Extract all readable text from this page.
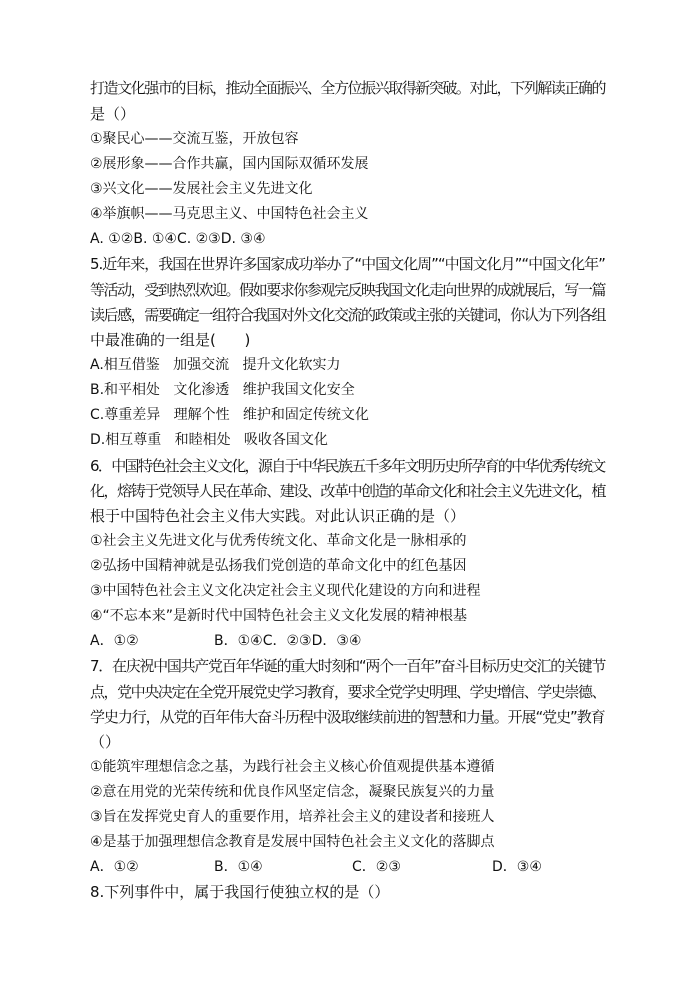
打造文化强市的目标，推动全面振兴、全方位振兴取得新突破。对此，下列解读正确的
是（）
①聚民心——交流互鉴，开放包容
②展形象——合作共赢，国内国际双循环发展
③兴文化——发展社会主义先进文化
④举旗帜——马克思主义、中国特色社会主义
A. ①②B. ①④C. ②③D. ③④
5.近年来，我国在世界许多国家成功举办了“中国文化周”“中国文化月”“中国文化年”
等活动，受到热烈欢迎。假如要求你参观完反映我国文化走向世界的成就展后，写一篇
读后感，需要确定一组符合我国对外文化交流的政策或主张的关键词，你认为下列各组
中最准确的一组是(      )
A.相互借鉴   加强交流   提升文化软实力
B.和平相处   文化渗透   维护我国文化安全
C.尊重差异   理解个性   维护和固定传统文化
D.相互尊重   和睦相处   吸收各国文化
6．中国特色社会主义文化，源自于中华民族五千多年文明历史所孕育的中华优秀传统文
化，熔铸于党领导人民在革命、建设、改革中创造的革命文化和社会主义先进文化，植
根于中国特色社会主义伟大实践。对此认识正确的是（）
①社会主义先进文化与优秀传统文化、革命文化是一脉相承的
②弘扬中国精神就是弘扬我们党创造的革命文化中的红色基因
③中国特色社会主义文化决定社会主义现代化建设的方向和进程
④“不忘本来”是新时代中国特色社会主义文化发展的精神根基

A．①②

	B．①④C．②③D．③④

7．在庆祝中国共产党百年华诞的重大时刻和“两个一百年”奋斗目标历史交汇的关键节
点，党中央决定在全党开展党史学习教育，要求全党学史明理、学史增信、学史崇德、
学史力行，从党的百年伟大奋斗历程中汲取继续前进的智慧和力量。开展“党史”教育
（）
①能筑牢理想信念之基，为践行社会主义核心价值观提供基本遵循
②意在用党的光荣传统和优良作风坚定信念，凝聚民族复兴的力量
③旨在发挥党史育人的重要作用，培养社会主义的建设者和接班人
④是基于加强理想信念教育是发展中国特色社会主义文化的落脚点

A．①②

	B．①④

	C．②③

	D．③④

8.下列事件中，属于我国行使独立权的是（）
